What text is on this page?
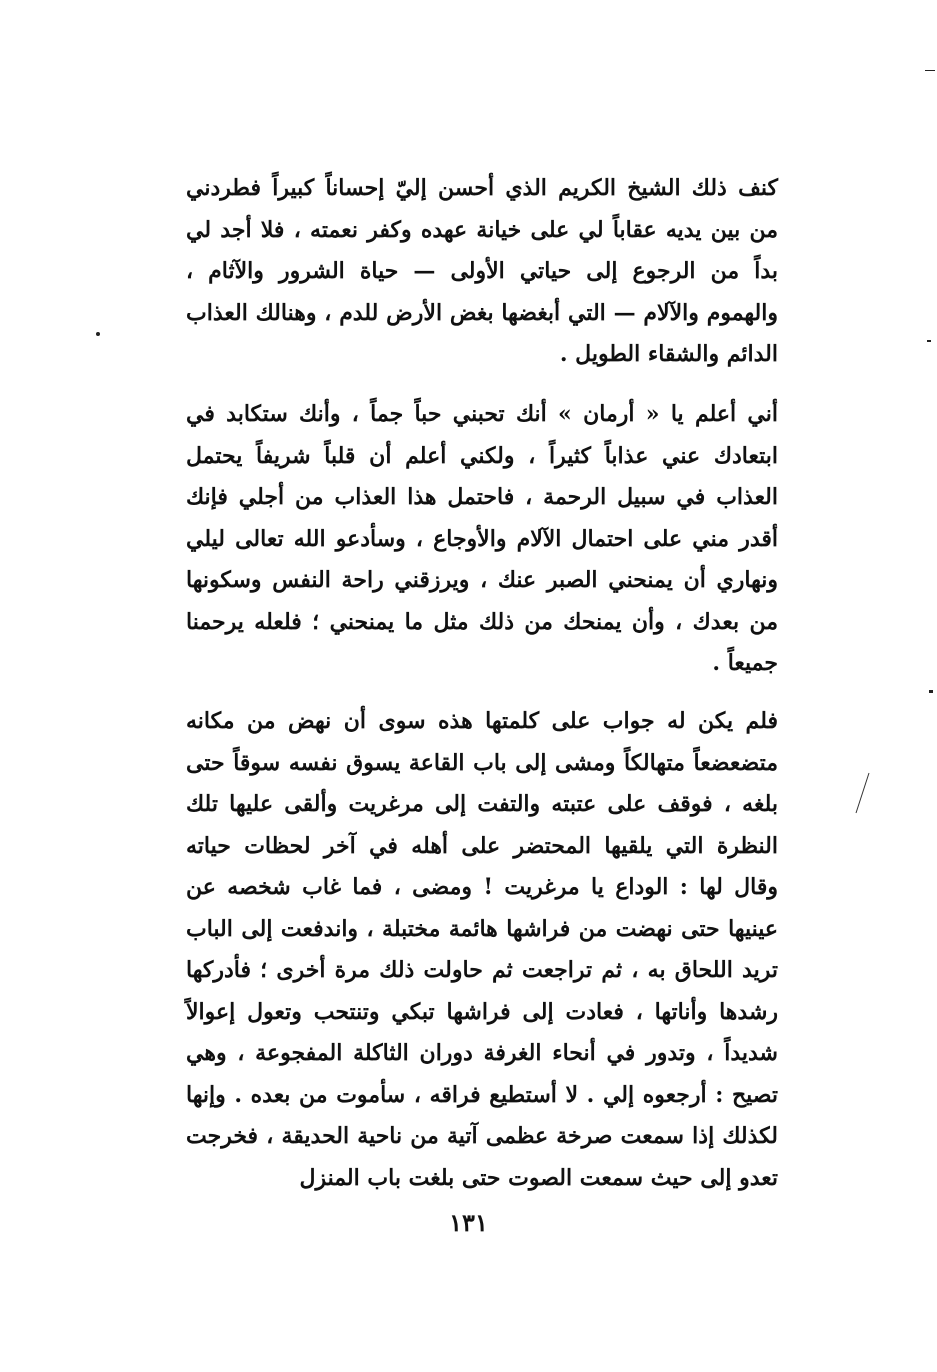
كنف ذلك الشيخ الكريم الذي أحسن إليّ إحساناً كبيراً فطردني من بين يديه عقاباً لي على خيانة عهده وكفر نعمته ، فلا أجد لي بداً من الرجوع إلى حياتي الأولى — حياة الشرور والآثام ، والهموم والآلام — التي أبغضها بغض الأرض للدم ، وهنالك العذاب الدائم والشقاء الطويل .

أني أعلم يا « أرمان » أنك تحبني حباً جماً ، وأنك ستكابد في ابتعادك عني عذاباً كثيراً ، ولكني أعلم أن قلباً شريفاً يحتمل العذاب في سبيل الرحمة ، فاحتمل هذا العذاب من أجلي فإنك أقدر مني على احتمال الآلام والأوجاع ، وسأدعو الله تعالى ليلي ونهاري أن يمنحني الصبر عنك ، ويرزقني راحة النفس وسكونها من بعدك ، وأن يمنحك من ذلك مثل ما يمنحني ؛ فلعله يرحمنا جميعاً .

فلم يكن له جواب على كلمتها هذه سوى أن نهض من مكانه متضعضعاً متهالكاً ومشى إلى باب القاعة يسوق نفسه سوقاً حتى بلغه ، فوقف على عتبته والتفت إلى مرغريت وألقى عليها تلك النظرة التي يلقيها المحتضر على أهله في آخر لحظات حياته وقال لها : الوداع يا مرغريت ! ومضى ، فما غاب شخصه عن عينيها حتى نهضت من فراشها هائمة مختبلة ، واندفعت إلى الباب تريد اللحاق به ، ثم تراجعت ثم حاولت ذلك مرة أخرى ؛ فأدركها رشدها وأناتها ، فعادت إلى فراشها تبكي وتنتحب وتعول إعوالاً شديداً ، وتدور في أنحاء الغرفة دوران الثاكلة المفجوعة ، وهي تصيح : أرجعوه إلي . لا أستطيع فراقه ، سأموت من بعده . وإنها لكذلك إذا سمعت صرخة عظمى آتية من ناحية الحديقة ، فخرجت تعدو إلى حيث سمعت الصوت حتى بلغت باب المنزل

١٣١
